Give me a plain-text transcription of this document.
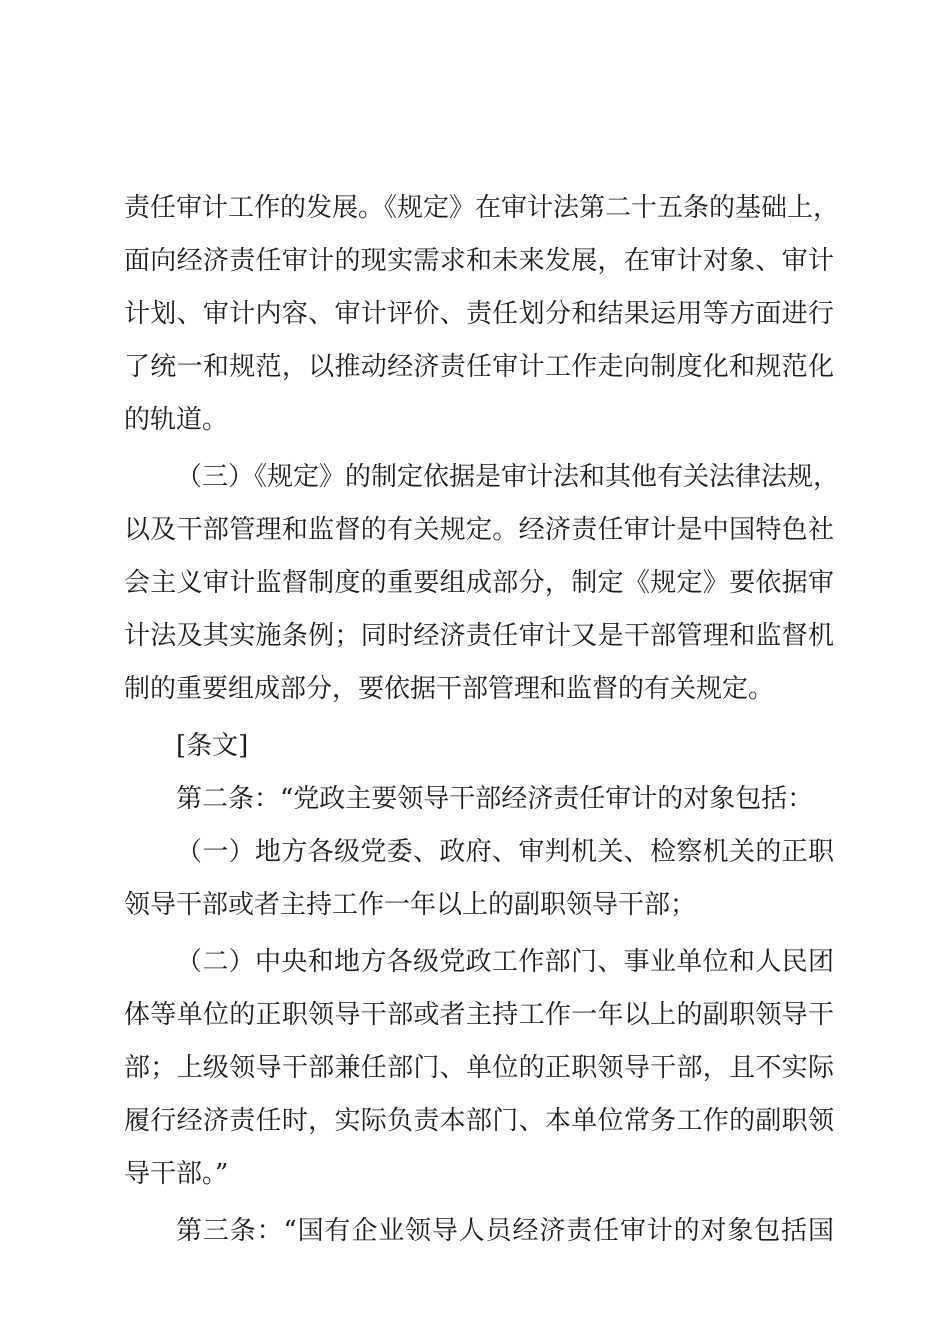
责任审计工作的发展。《规定》在审计法第二十五条的基础上，
面向经济责任审计的现实需求和未来发展，在审计对象、审计
计划、审计内容、审计评价、责任划分和结果运用等方面进行
了统一和规范，以推动经济责任审计工作走向制度化和规范化
的轨道。
（三）《规定》的制定依据是审计法和其他有关法律法规，
以及干部管理和监督的有关规定。经济责任审计是中国特色社
会主义审计监督制度的重要组成部分，制定《规定》要依据审
计法及其实施条例；同时经济责任审计又是干部管理和监督机
制的重要组成部分，要依据干部管理和监督的有关规定。
[条文]
第二条：“党政主要领导干部经济责任审计的对象包括：
（一）地方各级党委、政府、审判机关、检察机关的正职
领导干部或者主持工作一年以上的副职领导干部；
（二）中央和地方各级党政工作部门、事业单位和人民团
体等单位的正职领导干部或者主持工作一年以上的副职领导干
部；上级领导干部兼任部门、单位的正职领导干部，且不实际
履行经济责任时，实际负责本部门、本单位常务工作的副职领
导干部。”
第三条：“国有企业领导人员经济责任审计的对象包括国
